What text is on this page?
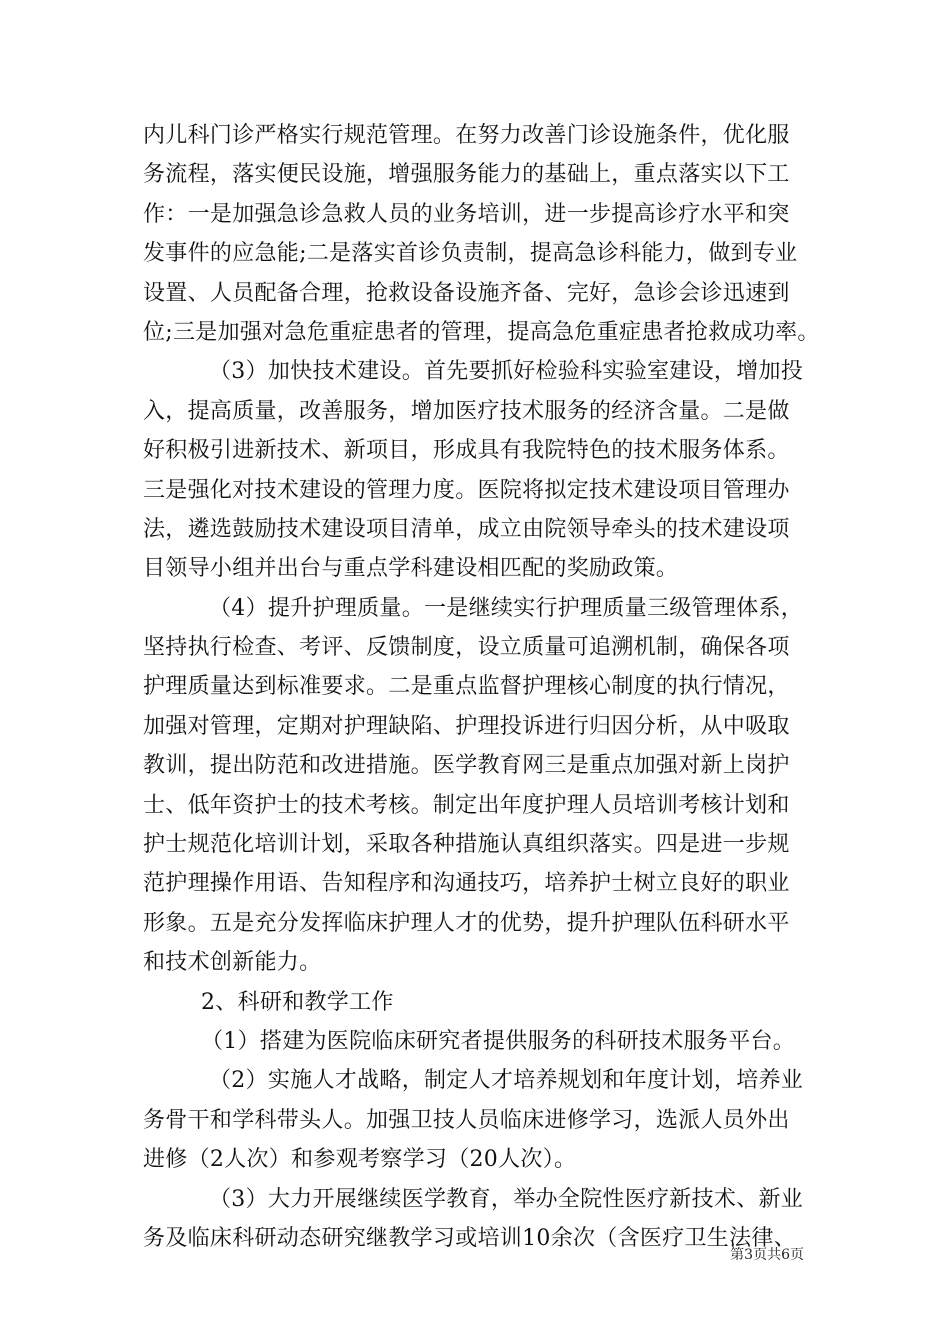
内儿科门诊严格实行规范管理。在努力改善门诊设施条件，优化服
务流程，落实便民设施，增强服务能力的基础上，重点落实以下工
作：一是加强急诊急救人员的业务培训，进一步提高诊疗水平和突
发事件的应急能;二是落实首诊负责制，提高急诊科能力，做到专业
设置、人员配备合理，抢救设备设施齐备、完好，急诊会诊迅速到
位;三是加强对急危重症患者的管理，提高急危重症患者抢救成功率。
（3）加快技术建设。首先要抓好检验科实验室建设，增加投
入，提高质量，改善服务，增加医疗技术服务的经济含量。二是做
好积极引进新技术、新项目，形成具有我院特色的技术服务体系。
三是强化对技术建设的管理力度。医院将拟定技术建设项目管理办
法，遴选鼓励技术建设项目清单，成立由院领导牵头的技术建设项
目领导小组并出台与重点学科建设相匹配的奖励政策。
（4）提升护理质量。一是继续实行护理质量三级管理体系，
坚持执行检查、考评、反馈制度，设立质量可追溯机制，确保各项
护理质量达到标准要求。二是重点监督护理核心制度的执行情况，
加强对管理，定期对护理缺陷、护理投诉进行归因分析，从中吸取
教训，提出防范和改进措施。医学教育网三是重点加强对新上岗护
士、低年资护士的技术考核。制定出年度护理人员培训考核计划和
护士规范化培训计划，采取各种措施认真组织落实。四是进一步规
范护理操作用语、告知程序和沟通技巧，培养护士树立良好的职业
形象。五是充分发挥临床护理人才的优势，提升护理队伍科研水平
和技术创新能力。
2、科研和教学工作
（1）搭建为医院临床研究者提供服务的科研技术服务平台。
（2）实施人才战略，制定人才培养规划和年度计划，培养业
务骨干和学科带头人。加强卫技人员临床进修学习，选派人员外出
进修（2人次）和参观考察学习（20人次）。
（3）大力开展继续医学教育，举办全院性医疗新技术、新业
务及临床科研动态研究继教学习或培训10余次（含医疗卫生法律、
第3页共6页
